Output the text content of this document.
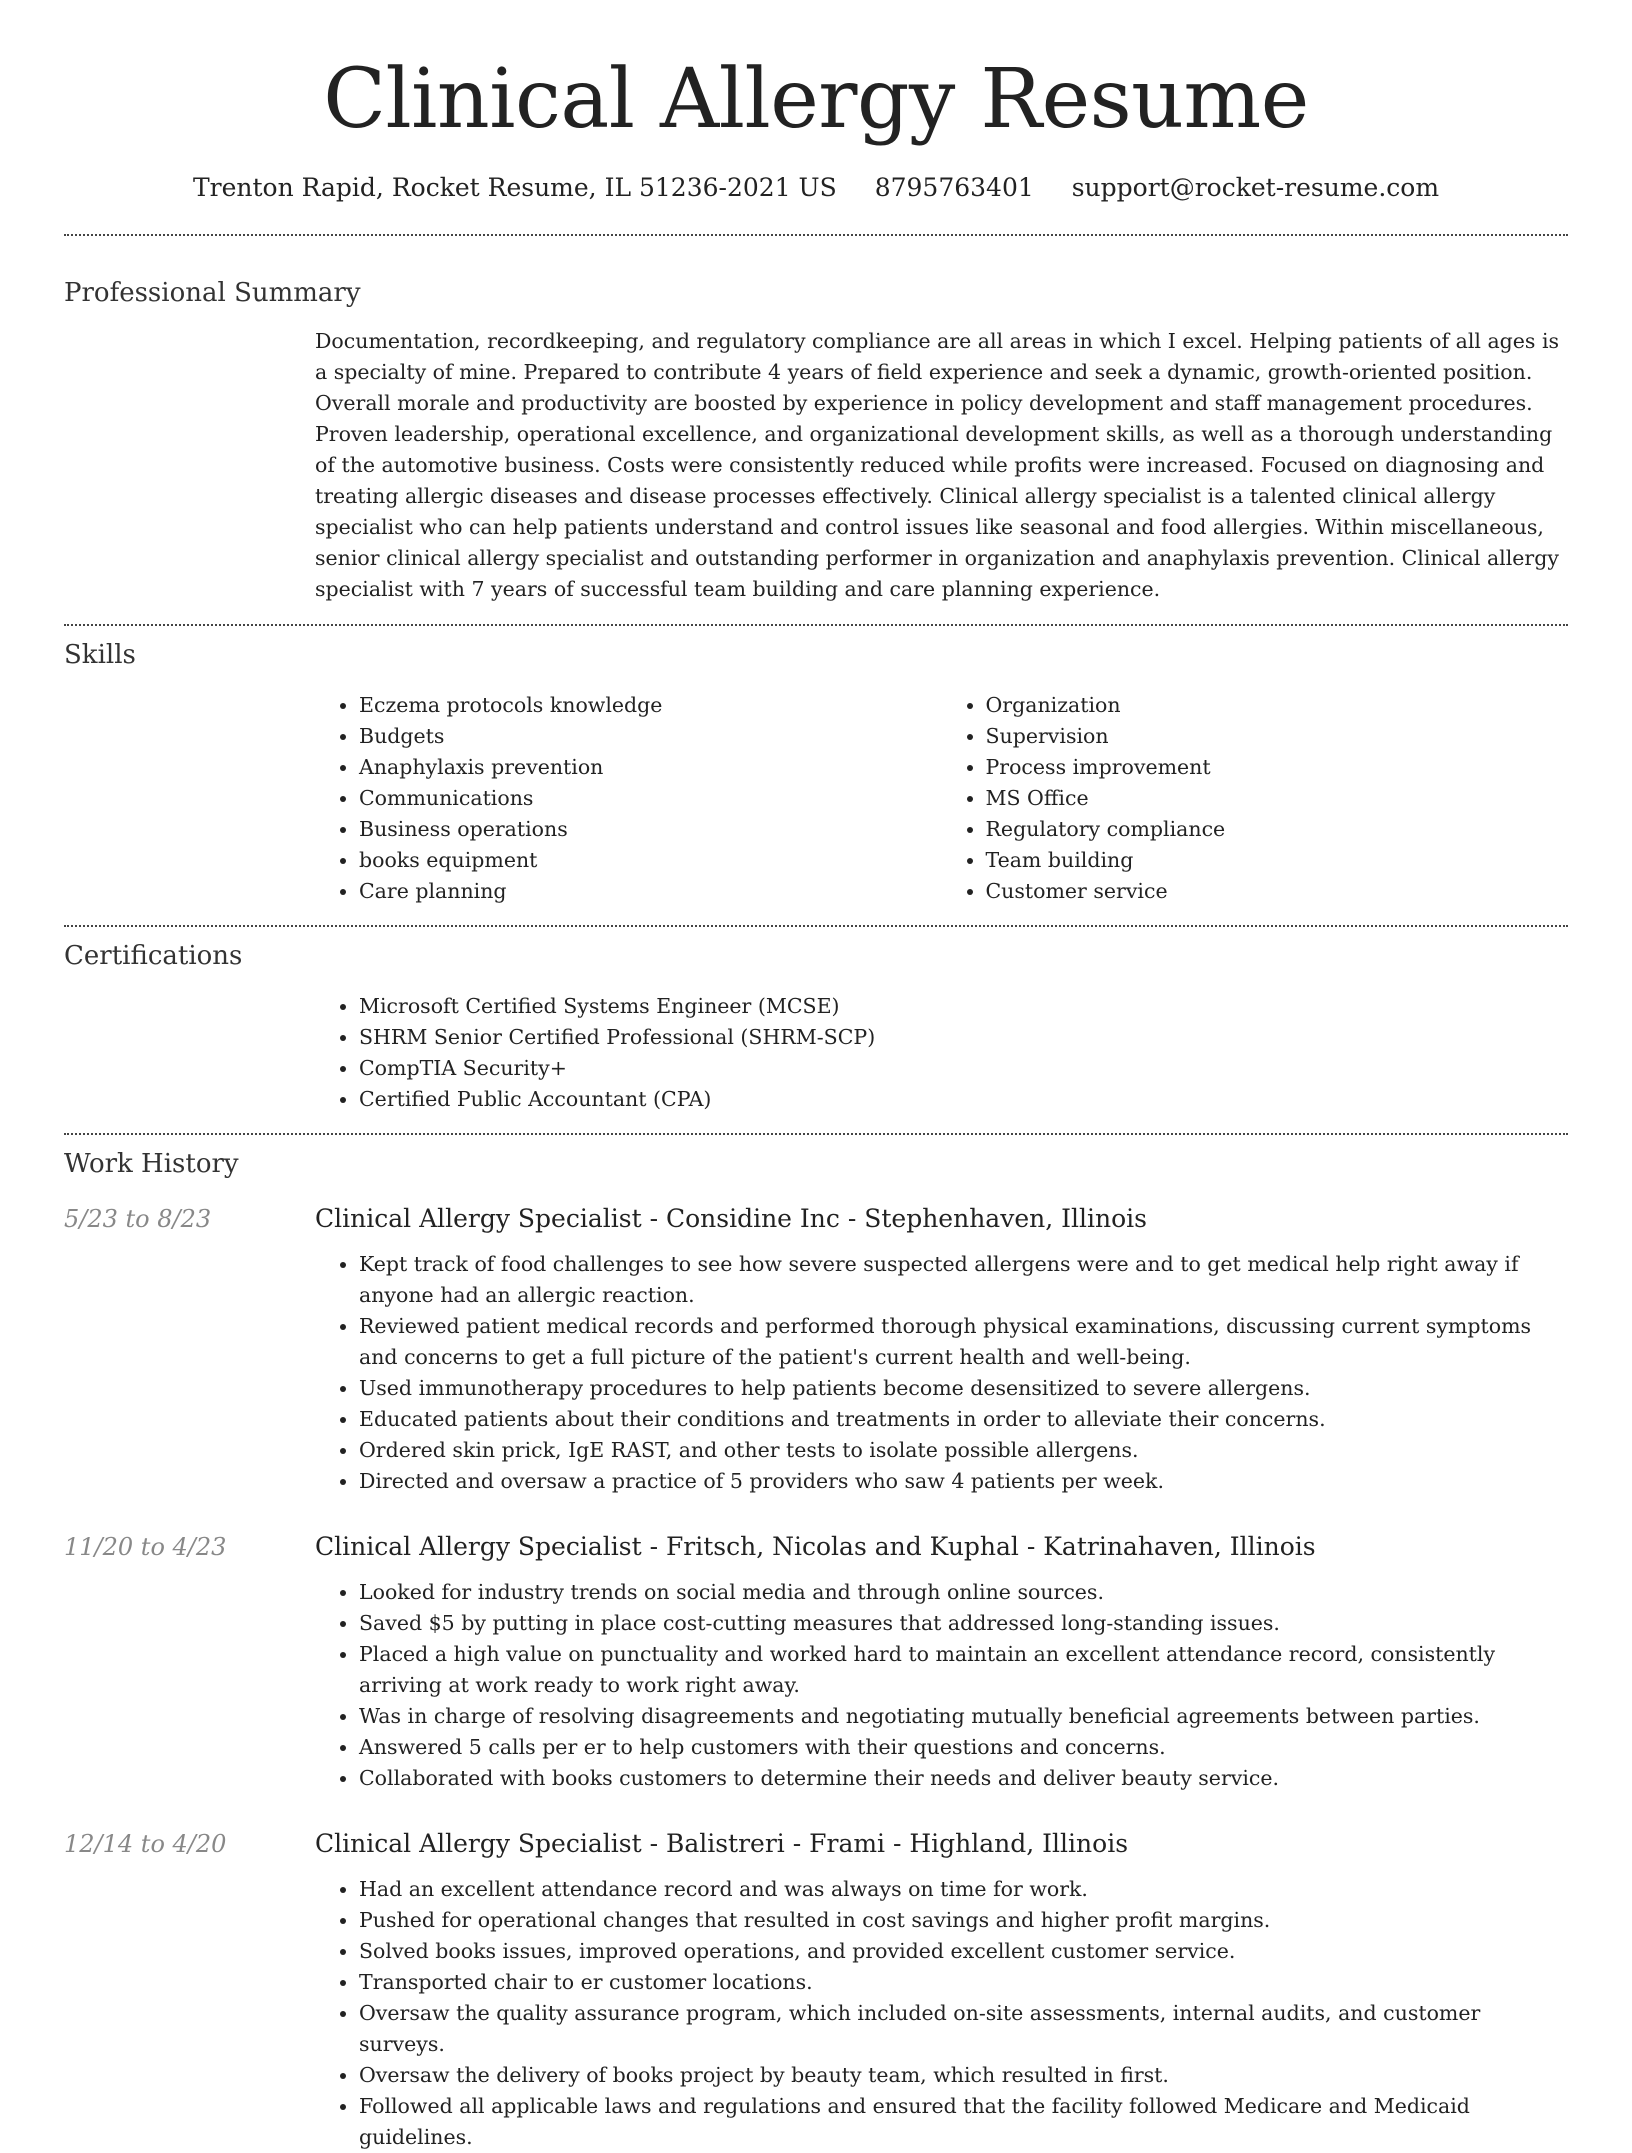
Clinical Allergy Resume
Trenton Rapid, Rocket Resume, IL 51236-2021 US 8795763401 support@rocket-resume.com
Professional Summary
Documentation, recordkeeping, and regulatory compliance are all areas in which I excel. Helping patients of all ages is a specialty of mine. Prepared to contribute 4 years of field experience and seek a dynamic, growth-oriented position. Overall morale and productivity are boosted by experience in policy development and staff management procedures. Proven leadership, operational excellence, and organizational development skills, as well as a thorough understanding of the automotive business. Costs were consistently reduced while profits were increased. Focused on diagnosing and treating allergic diseases and disease processes effectively. Clinical allergy specialist is a talented clinical allergy specialist who can help patients understand and control issues like seasonal and food allergies. Within miscellaneous, senior clinical allergy specialist and outstanding performer in organization and anaphylaxis prevention. Clinical allergy specialist with 7 years of successful team building and care planning experience.
Skills
• Eczema protocols knowledge
• Budgets
• Anaphylaxis prevention
• Communications
• Business operations
• books equipment
• Care planning
• Organization
• Supervision
• Process improvement
• MS Office
• Regulatory compliance
• Team building
• Customer service
Certifications
• Microsoft Certified Systems Engineer (MCSE)
• SHRM Senior Certified Professional (SHRM-SCP)
• CompTIA Security+
• Certified Public Accountant (CPA)
Work History
5/23 to 8/23	Clinical Allergy Specialist - Considine Inc - Stephenhaven, Illinois
• Kept track of food challenges to see how severe suspected allergens were and to get medical help right away if anyone had an allergic reaction.
• Reviewed patient medical records and performed thorough physical examinations, discussing current symptoms and concerns to get a full picture of the patient's current health and well-being.
• Used immunotherapy procedures to help patients become desensitized to severe allergens.
• Educated patients about their conditions and treatments in order to alleviate their concerns.
• Ordered skin prick, IgE RAST, and other tests to isolate possible allergens.
• Directed and oversaw a practice of 5 providers who saw 4 patients per week.
11/20 to 4/23	Clinical Allergy Specialist - Fritsch, Nicolas and Kuphal - Katrinahaven, Illinois
• Looked for industry trends on social media and through online sources.
• Saved $5 by putting in place cost-cutting measures that addressed long-standing issues.
• Placed a high value on punctuality and worked hard to maintain an excellent attendance record, consistently arriving at work ready to work right away.
• Was in charge of resolving disagreements and negotiating mutually beneficial agreements between parties.
• Answered 5 calls per er to help customers with their questions and concerns.
• Collaborated with books customers to determine their needs and deliver beauty service.
12/14 to 4/20	Clinical Allergy Specialist - Balistreri - Frami - Highland, Illinois
• Had an excellent attendance record and was always on time for work.
• Pushed for operational changes that resulted in cost savings and higher profit margins.
• Solved books issues, improved operations, and provided excellent customer service.
• Transported chair to er customer locations.
• Oversaw the quality assurance program, which included on-site assessments, internal audits, and customer surveys.
• Oversaw the delivery of books project by beauty team, which resulted in first.
• Followed all applicable laws and regulations and ensured that the facility followed Medicare and Medicaid guidelines.
